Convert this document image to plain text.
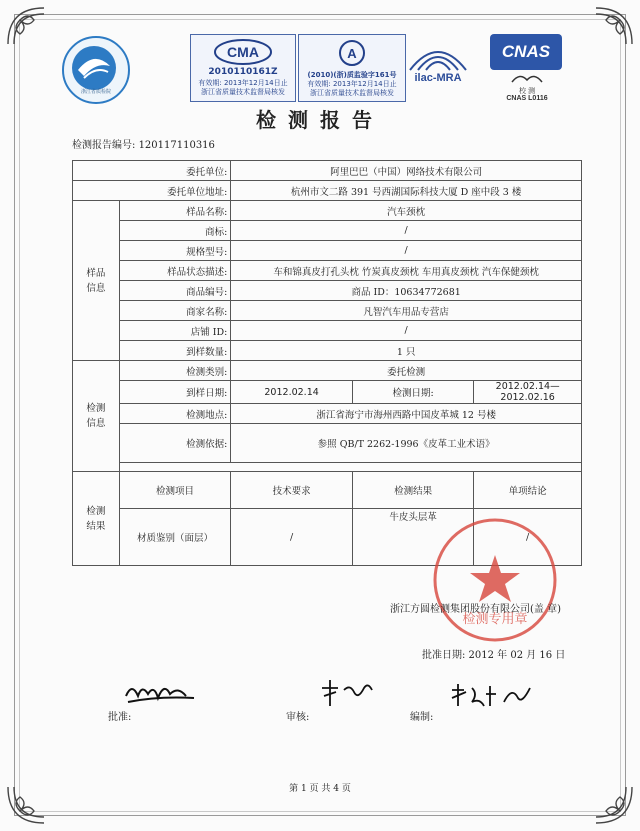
浙江省质检院
CMA
2010110161Z
有效期: 2013年12月14日止
浙江省质量技术监督局核发
A
(2010)(浙)质监验字161号
有效期: 2013年12月14日止
浙江省质量技术监督局核发
ilac-MRA
CNAS
校 测
CNAS L0116
检测报告
检测报告编号: 120117110316
委托单位:		阿里巴巴（中国）网络技术有限公司		
委托单位地址:		杭州市文二路 391 号西湖国际科技大厦 D 座中段 3 楼		
样品
信息	样品名称:	汽车颈枕		
	商标:	/		
	规格型号:	/		
	样品状态描述:	车和锦真皮打孔头枕 竹炭真皮颈枕 车用真皮颈枕 汽车保健颈枕		
	商品编号:	商品 ID：10634772681		
	商家名称:	凡智汽车用品专营店		
	店铺 ID:	/		
	到样数量:	1 只		
检测
信息	检测类别:	委托检测		
	到样日期:	2012.02.14	检测日期:	2012.02.14—2012.02.16
	检测地点:	浙江省海宁市海州西路中国皮革城 12 号楼		
	检测依据:	参照 QB/T 2262-1996《皮革工业术语》		

检测
结果	检测项目	技术要求	检测结果	单项结论
	材质鉴别（面层）	/	牛皮头层革	/

检测专用章
浙江方圆检测集团股份有限公司(盖 章)
批准日期: 2012 年 02 月 16 日
批准:	审核:	编制:
第 1 页 共 4 页
